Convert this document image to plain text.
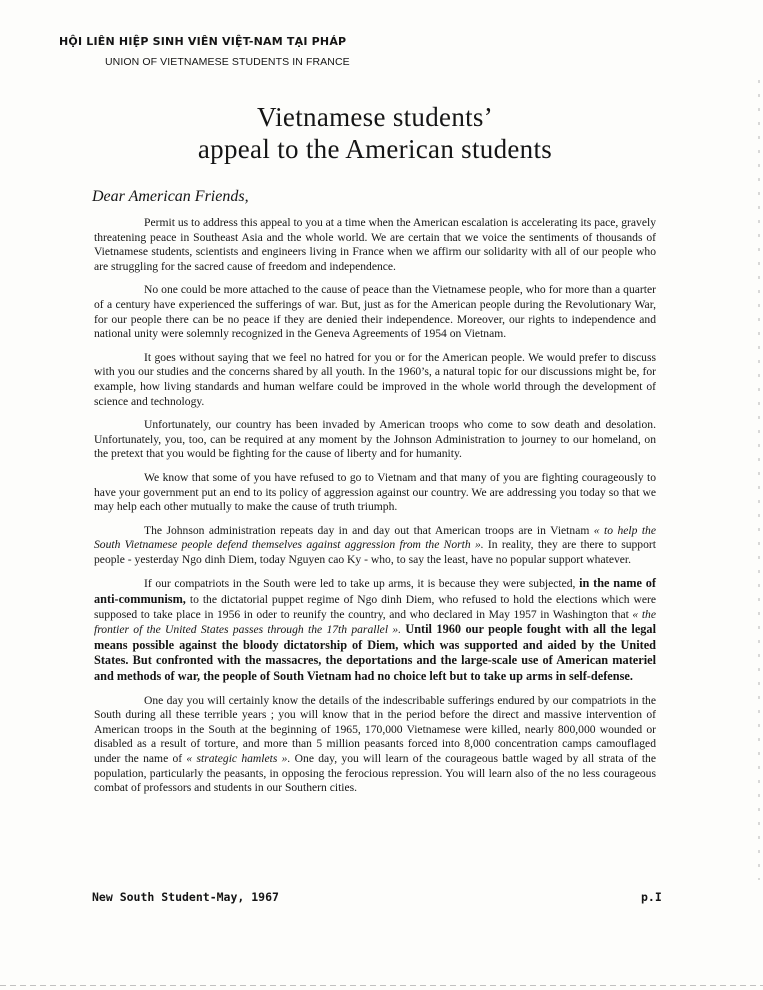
HỘI LIÊN HIỆP SINH VIÊN VIỆT-NAM TẠI PHÁP
UNION OF VIETNAMESE STUDENTS IN FRANCE
Vietnamese students’
appeal to the American students
Dear American Friends,

Permit us to address this appeal to you at a time when the American escalation is accelerating its pace, gravely threatening peace in Southeast Asia and the whole world. We are certain that we voice the sentiments of thousands of Vietnamese students, scientists and engineers living in France when we affirm our solidarity with all of our people who are struggling for the sacred cause of freedom and independence.

No one could be more attached to the cause of peace than the Vietnamese people, who for more than a quarter of a century have experienced the sufferings of war. But, just as for the American people during the Revolutionary War, for our people there can be no peace if they are denied their independence. Moreover, our rights to independence and national unity were solemnly recognized in the Geneva Agreements of 1954 on Vietnam.

It goes without saying that we feel no hatred for you or for the American people. We would prefer to discuss with you our studies and the concerns shared by all youth. In the 1960’s, a natural topic for our discussions might be, for example, how living standards and human welfare could be improved in the whole world through the development of science and technology.

Unfortunately, our country has been invaded by American troops who come to sow death and desolation. Unfortunately, you, too, can be required at any moment by the Johnson Administration to journey to our homeland, on the pretext that you would be fighting for the cause of liberty and for humanity.

We know that some of you have refused to go to Vietnam and that many of you are fighting courageously to have your government put an end to its policy of aggression against our country. We are addressing you today so that we may help each other mutually to make the cause of truth triumph.

The Johnson administration repeats day in and day out that American troops are in Vietnam « to help the South Vietnamese people defend themselves against aggression from the North ». In reality, they are there to support people - yesterday Ngo dinh Diem, today Nguyen cao Ky - who, to say the least, have no popular support whatever.

If our compatriots in the South were led to take up arms, it is because they were subjected, in the name of anti-communism, to the dictatorial puppet regime of Ngo dinh Diem, who refused to hold the elections which were supposed to take place in 1956 in oder to reunify the country, and who declared in May 1957 in Washington that « the frontier of the United States passes through the 17th parallel ». Until 1960 our people fought with all the legal means possible against the bloody dictatorship of Diem, which was supported and aided by the United States. But confronted with the massacres, the deportations and the large-scale use of American materiel and methods of war, the people of South Vietnam had no choice left but to take up arms in self-defense.

One day you will certainly know the details of the indescribable sufferings endured by our compatriots in the South during all these terrible years ; you will know that in the period before the direct and massive intervention of American troops in the South at the beginning of 1965, 170,000 Vietnamese were killed, nearly 800,000 wounded or disabled as a result of torture, and more than 5 million peasants forced into 8,000 concentration camps camouflaged under the name of « strategic hamlets ». One day, you will learn of the courageous battle waged by all strata of the population, particularly the peasants, in opposing the ferocious repression. You will learn also of the no less courageous combat of professors and students in our Southern cities.

New South Student-May, 1967	p.I
